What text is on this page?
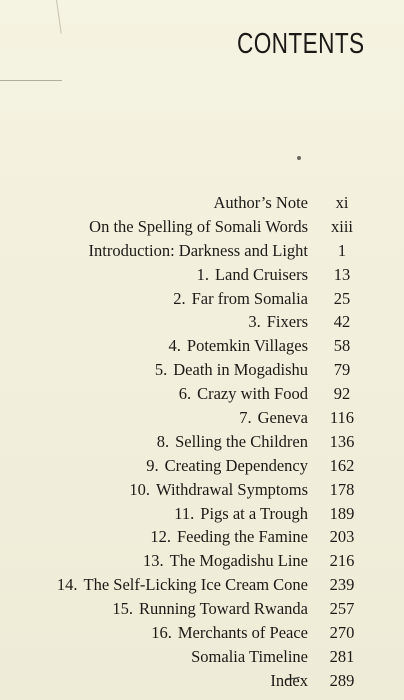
CONTENTS
Author’s Note	xi
On the Spelling of Somali Words	xiii
Introduction: Darkness and Light	1
1. Land Cruisers	13
2. Far from Somalia	25
3. Fixers	42
4. Potemkin Villages	58
5. Death in Mogadishu	79
6. Crazy with Food	92
7. Geneva	116
8. Selling the Children	136
9. Creating Dependency	162
10. Withdrawal Symptoms	178
11. Pigs at a Trough	189
12. Feeding the Famine	203
13. The Mogadishu Line	216
14. The Self-Licking Ice Cream Cone	239
15. Running Toward Rwanda	257
16. Merchants of Peace	270
Somalia Timeline	281
Index	289
